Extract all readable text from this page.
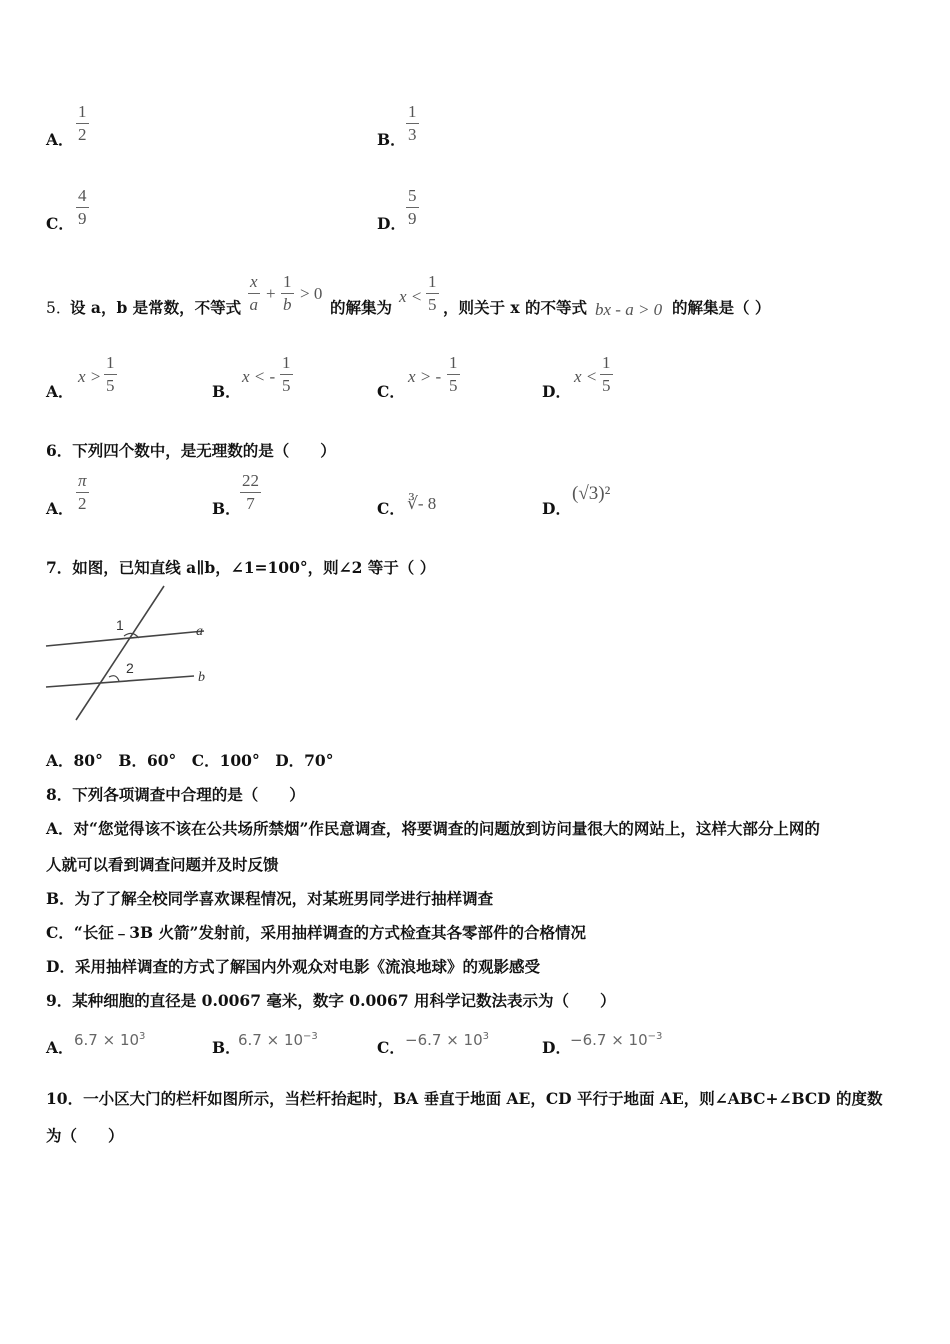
A．
1
2	B．
1
3
C．
4
9	D．
5
9
5．
设 a，b 是常数，不等式
x
a
+
1
b
> 0
的解集为
x <
1
5 ，则关于 x 的不等式 bx - a > 0 的解集是（ ）
A．
x >
1
5	B．
x < -
1
5	C．
x > -
1
5	D．
x <
1
5
6．下列四个数中，是无理数的是（　　）
A．
π
2	B．
22
7	C． ∛- 8	D．
(√3)²
7．如图，已知直线 a∥b，∠1=100°，则∠2 等于（ ）
1
2
a
b
A．80°　B．60°　C．100°　D．70°
8．下列各项调查中合理的是（　　）
A．对“您觉得该不该在公共场所禁烟”作民意调查，将要调查的问题放到访问量很大的网站上，这样大部分上网的
人就可以看到调查问题并及时反馈
B．为了了解全校同学喜欢课程情况，对某班男同学进行抽样调查
C．“长征﹣3B 火箭”发射前，采用抽样调查的方式检查其各零部件的合格情况
D．采用抽样调查的方式了解国内外观众对电影《流浪地球》的观影感受
9．某种细胞的直径是 0.0067 毫米，数字 0.0067 用科学记数法表示为（　　）
A． $6.7 \times 10^3$
B．
$6.7 \times 10^{-3}$
C． $-6.7 \times 10^3$
D． $-6.7 \times 10^{-3}$
10．一小区大门的栏杆如图所示，当栏杆抬起时，BA 垂直于地面 AE，CD 平行于地面 AE，则∠ABC+∠BCD 的度数
为（　　）
